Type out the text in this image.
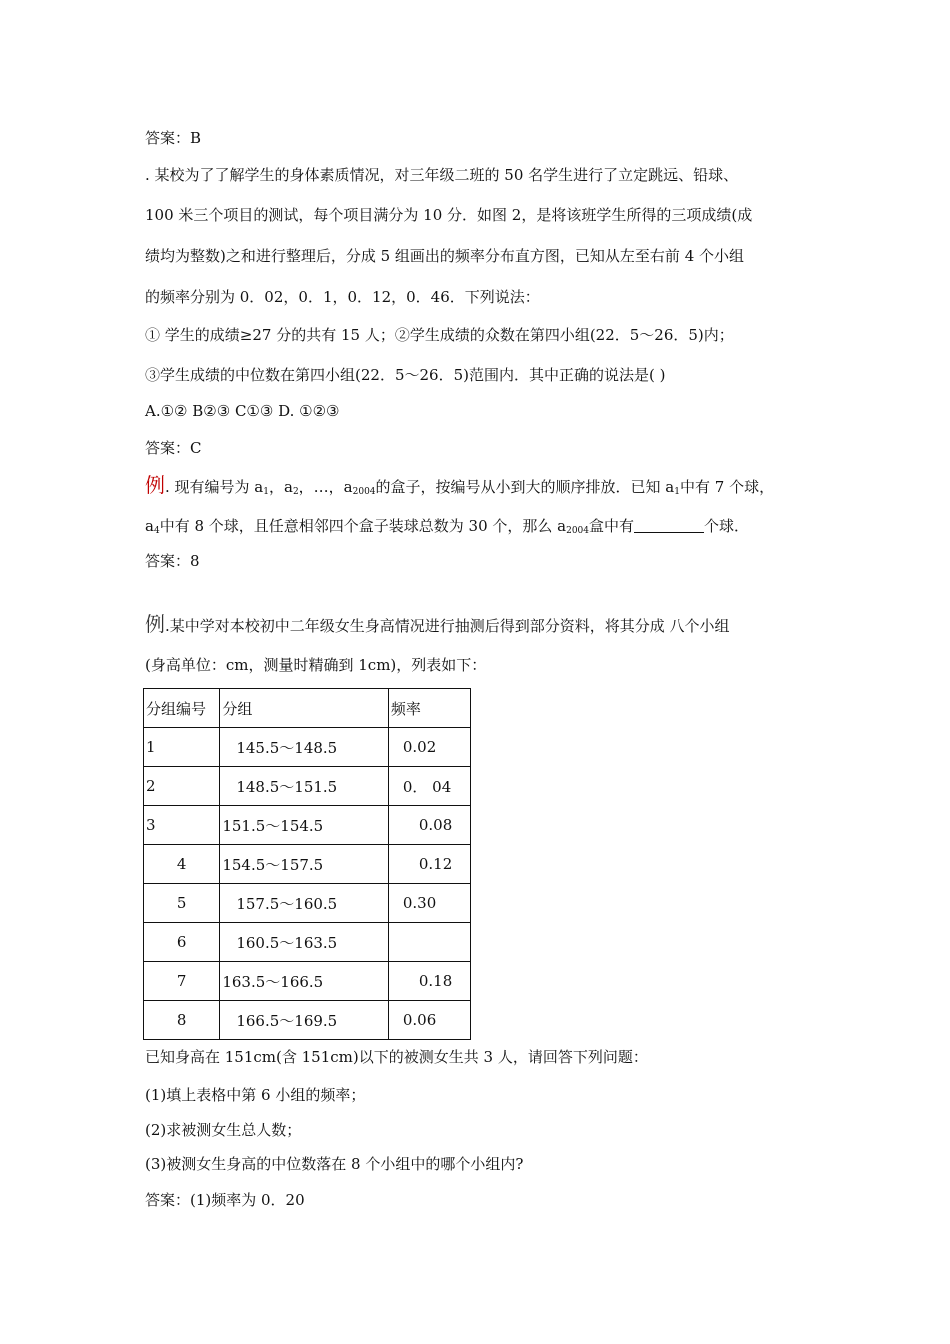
答案：B
. 某校为了了解学生的身体素质情况，对三年级二班的 50 名学生进行了立定跳远、铅球、
100 米三个项目的测试，每个项目满分为 10 分．如图 2，是将该班学生所得的三项成绩(成
绩均为整数)之和进行整理后，分成 5 组画出的频率分布直方图，已知从左至右前 4 个小组
的频率分别为 0．02，0．1，0．12，0．46．下列说法：
① 学生的成绩≥27 分的共有 15 人；②学生成绩的众数在第四小组(22．5～26．5)内；
③学生成绩的中位数在第四小组(22．5～26．5)范围内．其中正确的说法是( )
A.①② B②③ C①③ D. ①②③
答案：C
例. 现有编号为 $a_1$，$a_2$，…，$a_{2004}$的盒子，按编号从小到大的顺序排放．已知 $a_1$中有 7 个球，
$a_4$中有 8 个球，且任意相邻四个盒子装球总数为 30 个，那么 $a_{2004}$盒中有	个球．
答案：8
例.某中学对本校初中二年级女生身高情况进行抽测后得到部分资料，将其分成 八个小组
(身高单位：cm，测量时精确到 1cm)，列表如下：
分组编号	分组	频率
1	145.5～148.5	0.02
2	148.5～151.5	0． 04
3	151.5～154.5	0.08
4	154.5～157.5	0.12
5	157.5～160.5	0.30
6	160.5～163.5	
7	163.5～166.5	0.18
8	166.5～169.5	0.06
已知身高在 151cm(含 151cm)以下的被测女生共 3 人，请回答下列问题：
(1)填上表格中第 6 小组的频率；
(2)求被测女生总人数；
(3)被测女生身高的中位数落在 8 个小组中的哪个小组内?
答案：(1)频率为 0．20
